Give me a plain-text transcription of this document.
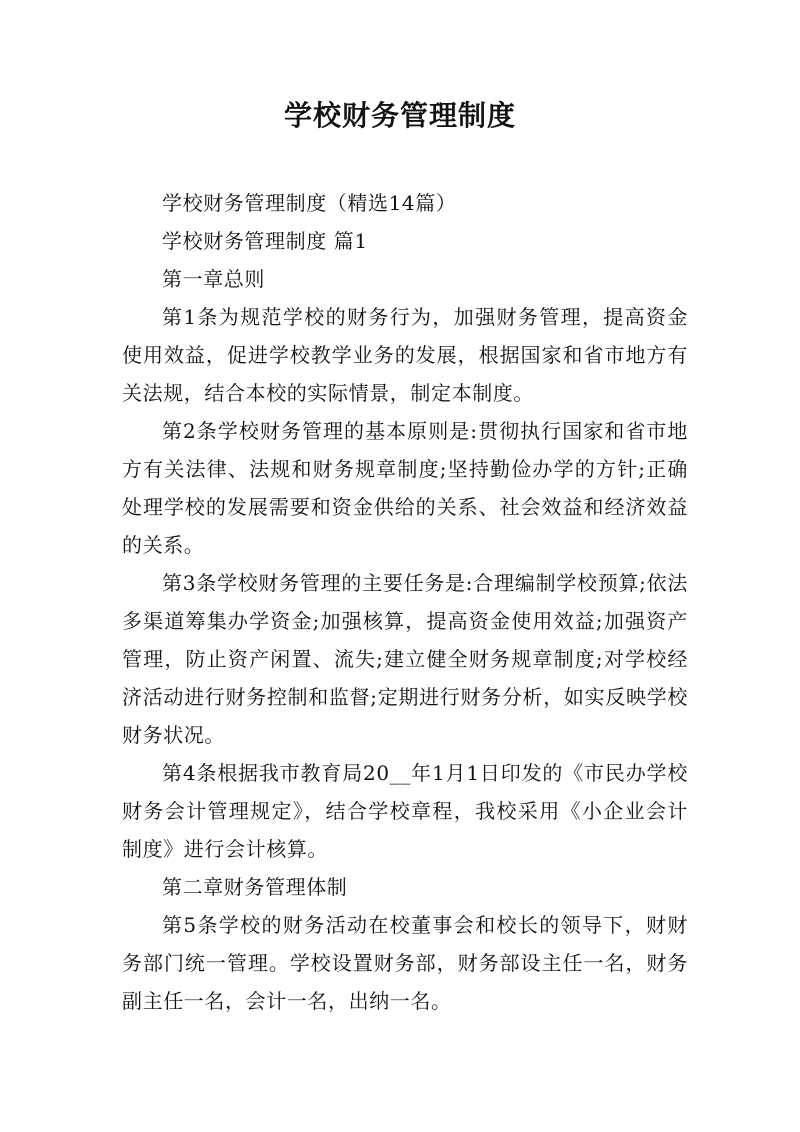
学校财务管理制度

学校财务管理制度（精选14篇）

学校财务管理制度 篇1

第一章总则

第1条为规范学校的财务行为，加强财务管理，提高资金使用效益，促进学校教学业务的发展，根据国家和省市地方有关法规，结合本校的实际情景，制定本制度。

第2条学校财务管理的基本原则是:贯彻执行国家和省市地方有关法律、法规和财务规章制度;坚持勤俭办学的方针;正确处理学校的发展需要和资金供给的关系、社会效益和经济效益的关系。

第3条学校财务管理的主要任务是:合理编制学校预算;依法多渠道筹集办学资金;加强核算，提高资金使用效益;加强资产管理，防止资产闲置、流失;建立健全财务规章制度;对学校经济活动进行财务控制和监督;定期进行财务分析，如实反映学校财务状况。

第4条根据我市教育局20__年1月1日印发的《市民办学校财务会计管理规定》，结合学校章程，我校采用《小企业会计制度》进行会计核算。

第二章财务管理体制

第5条学校的财务活动在校董事会和校长的领导下，财财务部门统一管理。学校设置财务部，财务部设主任一名，财务副主任一名，会计一名，出纳一名。
